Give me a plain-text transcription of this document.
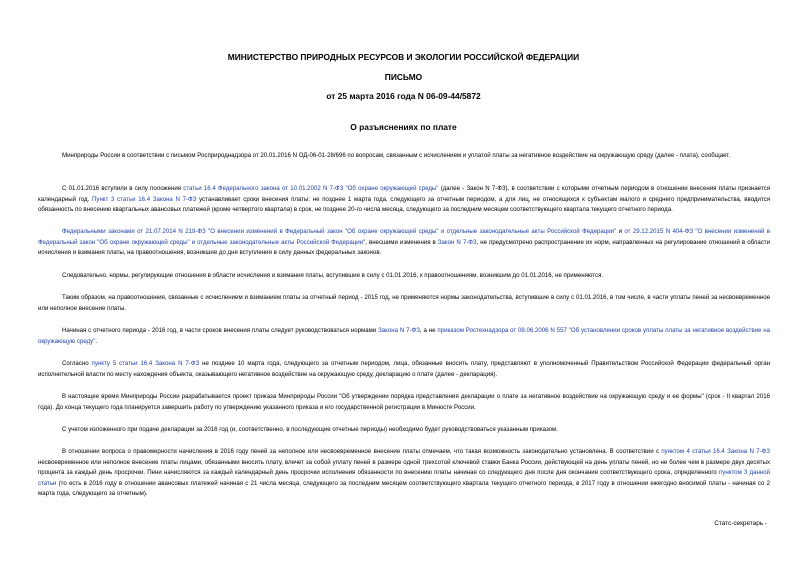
МИНИСТЕРСТВО ПРИРОДНЫХ РЕСУРСОВ И ЭКОЛОГИИ РОССИЙСКОЙ ФЕДЕРАЦИИ
ПИСЬМО
от 25 марта 2016 года N 06-09-44/5872
О разъяснениях по плате
Минприроды России в соответствии с письмом Росприроднадзора от 20.01.2016 N ОД-06-01-28/696 по вопросам, связанным с исчислением и уплатой платы за негативное воздействие на окружающую среду (далее - плата), сообщает.
С 01.01.2016 вступили в силу положения статьи 16.4 Федерального закона от 10.01.2002 N 7-ФЗ "Об охране окружающей среды" (далее - Закон N 7-ФЗ), в соответствии с которыми отчетным периодом в отношении внесения платы признается календарный год. Пункт 3 статьи 16.4 Закона N 7-ФЗ устанавливает сроки внесения платы: не позднее 1 марта года, следующего за отчетным периодом, а для лиц, не относящихся к субъектам малого и среднего предпринимательства, вводится обязанность по внесению квартальных авансовых платежей (кроме четвертого квартала) в срок, не позднее 20-го числа месяца, следующего за последним месяцем соответствующего квартала текущего отчетного периода.
Федеральными законами от 21.07.2014 N 219-ФЗ "О внесении изменений в Федеральный закон "Об охране окружающей среды" и отдельные законодательные акты Российской Федерации" и от 29.12.2015 N 404-ФЗ "О внесении изменений в Федеральный закон "Об охране окружающей среды" и отдельные законодательные акты Российской Федерации", внесшими изменения в Закон N 7-ФЗ, не предусмотрено распространение их норм, направленных на регулирование отношений в области исчисления и взимания платы, на правоотношения, возникшие до дня вступления в силу данных федеральных законов.
Следовательно, нормы, регулирующие отношения в области исчисления и взимания платы, вступившие в силу с 01.01.2016, к правоотношениям, возникшим до 01.01.2016, не применяются.
Таким образом, на правоотношения, связанные с исчислением и взиманием платы за отчетный период - 2015 год, не применяются нормы законодательства, вступившие в силу с 01.01.2016, в том числе, в части уплаты пеней за несвоевременное или неполное внесение платы.
Начиная с отчетного периода - 2016 год, в части сроков внесения платы следует руководствоваться нормами Закона N 7-ФЗ, а не приказом Ростехнадзора от 08.06.2006 N 557 "Об установлении сроков уплаты платы за негативное воздействие на окружающую среду".
Согласно пункту 5 статьи 16.4 Закона N 7-ФЗ не позднее 10 марта года, следующего за отчетным периодом, лица, обязанные вносить плату, представляют в уполномоченный Правительством Российской Федерации федеральный орган исполнительной власти по месту нахождения объекта, оказывающего негативное воздействие на окружающую среду, декларацию о плате (далее - декларация).
В настоящее время Минприроды России разрабатывается проект приказа Минприроды России "Об утверждении порядка представления декларации о плате за негативное воздействие на окружающую среду и ее формы" (срок - II квартал 2016 года). До конца текущего года планируется завершить работу по утверждению указанного приказа и его государственной регистрации в Минюсте России.
С учетом изложенного при подаче декларации за 2016 год (и, соответственно, в последующие отчетные периоды) необходимо будет руководствоваться указанным приказом.
В отношении вопроса о правомерности начисления в 2016 году пеней за неполное или несвоевременное внесение платы отмечаем, что такая возможность законодательно установлена. В соответствии с пунктом 4 статьи 16.4 Закона N 7-ФЗ несвоевременное или неполное внесение платы лицами, обязанными вносить плату, влечет за собой уплату пеней в размере одной трехсотой ключевой ставки Банка России, действующей на день уплаты пеней, но не более чем в размере двух десятых процента за каждый день просрочки. Пени начисляются за каждый календарный день просрочки исполнения обязанности по внесению платы начиная со следующего дня после дня окончания соответствующего срока, определенного пунктом 3 данной статьи (то есть в 2016 году в отношении авансовых платежей начиная с 21 числа месяца, следующего за последним месяцем соответствующего квартала текущего отчетного периода, в 2017 году в отношении ежегодно вносимой платы - начиная со 2 марта года, следующего за отчетным).
Статс-секретарь -
